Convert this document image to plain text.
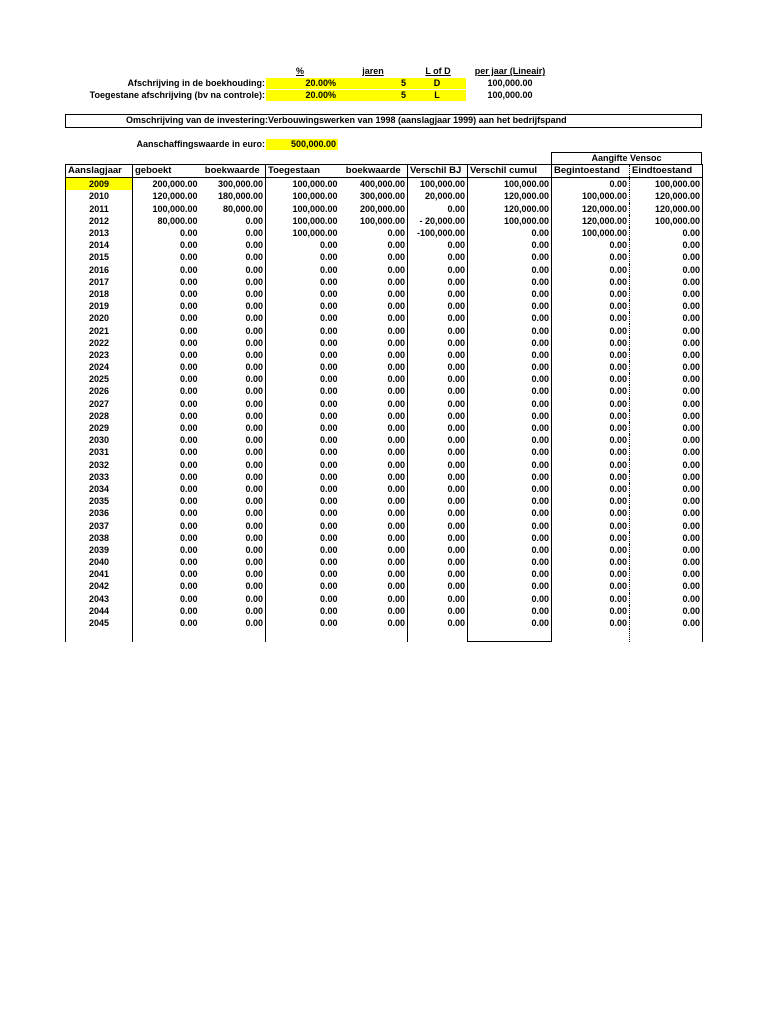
%	jaren	L of D	per jaar (Lineair)
Afschrijving in de boekhouding:	20.00%	5	D	100,000.00
Toegestane afschrijving (bv na controle):	20.00%	5	L	100,000.00
Omschrijving van de investering: Verbouwingswerken van 1998 (aanslagjaar 1999) aan het bedrijfspand
Aanschaffingswaarde in euro:	500,000.00
Aangifte Vensoc
Aanslagjaar	geboekt	boekwaarde	Toegestaan	boekwaarde	Verschil BJ	Verschil cumul	Begintoestand	Eindtoestand
2009	200,000.00	300,000.00	100,000.00	400,000.00	100,000.00	100,000.00	0.00	100,000.00
2010	120,000.00	180,000.00	100,000.00	300,000.00	20,000.00	120,000.00	100,000.00	120,000.00
2011	100,000.00	80,000.00	100,000.00	200,000.00	0.00	120,000.00	120,000.00	120,000.00
2012	80,000.00	0.00	100,000.00	100,000.00	- 20,000.00	100,000.00	120,000.00	100,000.00
2013	0.00	0.00	100,000.00	0.00	-100,000.00	0.00	100,000.00	0.00
2014	0.00	0.00	0.00	0.00	0.00	0.00	0.00	0.00
2015	0.00	0.00	0.00	0.00	0.00	0.00	0.00	0.00
2016	0.00	0.00	0.00	0.00	0.00	0.00	0.00	0.00
2017	0.00	0.00	0.00	0.00	0.00	0.00	0.00	0.00
2018	0.00	0.00	0.00	0.00	0.00	0.00	0.00	0.00
2019	0.00	0.00	0.00	0.00	0.00	0.00	0.00	0.00
2020	0.00	0.00	0.00	0.00	0.00	0.00	0.00	0.00
2021	0.00	0.00	0.00	0.00	0.00	0.00	0.00	0.00
2022	0.00	0.00	0.00	0.00	0.00	0.00	0.00	0.00
2023	0.00	0.00	0.00	0.00	0.00	0.00	0.00	0.00
2024	0.00	0.00	0.00	0.00	0.00	0.00	0.00	0.00
2025	0.00	0.00	0.00	0.00	0.00	0.00	0.00	0.00
2026	0.00	0.00	0.00	0.00	0.00	0.00	0.00	0.00
2027	0.00	0.00	0.00	0.00	0.00	0.00	0.00	0.00
2028	0.00	0.00	0.00	0.00	0.00	0.00	0.00	0.00
2029	0.00	0.00	0.00	0.00	0.00	0.00	0.00	0.00
2030	0.00	0.00	0.00	0.00	0.00	0.00	0.00	0.00
2031	0.00	0.00	0.00	0.00	0.00	0.00	0.00	0.00
2032	0.00	0.00	0.00	0.00	0.00	0.00	0.00	0.00
2033	0.00	0.00	0.00	0.00	0.00	0.00	0.00	0.00
2034	0.00	0.00	0.00	0.00	0.00	0.00	0.00	0.00
2035	0.00	0.00	0.00	0.00	0.00	0.00	0.00	0.00
2036	0.00	0.00	0.00	0.00	0.00	0.00	0.00	0.00
2037	0.00	0.00	0.00	0.00	0.00	0.00	0.00	0.00
2038	0.00	0.00	0.00	0.00	0.00	0.00	0.00	0.00
2039	0.00	0.00	0.00	0.00	0.00	0.00	0.00	0.00
2040	0.00	0.00	0.00	0.00	0.00	0.00	0.00	0.00
2041	0.00	0.00	0.00	0.00	0.00	0.00	0.00	0.00
2042	0.00	0.00	0.00	0.00	0.00	0.00	0.00	0.00
2043	0.00	0.00	0.00	0.00	0.00	0.00	0.00	0.00
2044	0.00	0.00	0.00	0.00	0.00	0.00	0.00	0.00
2045	0.00	0.00	0.00	0.00	0.00	0.00	0.00	0.00
